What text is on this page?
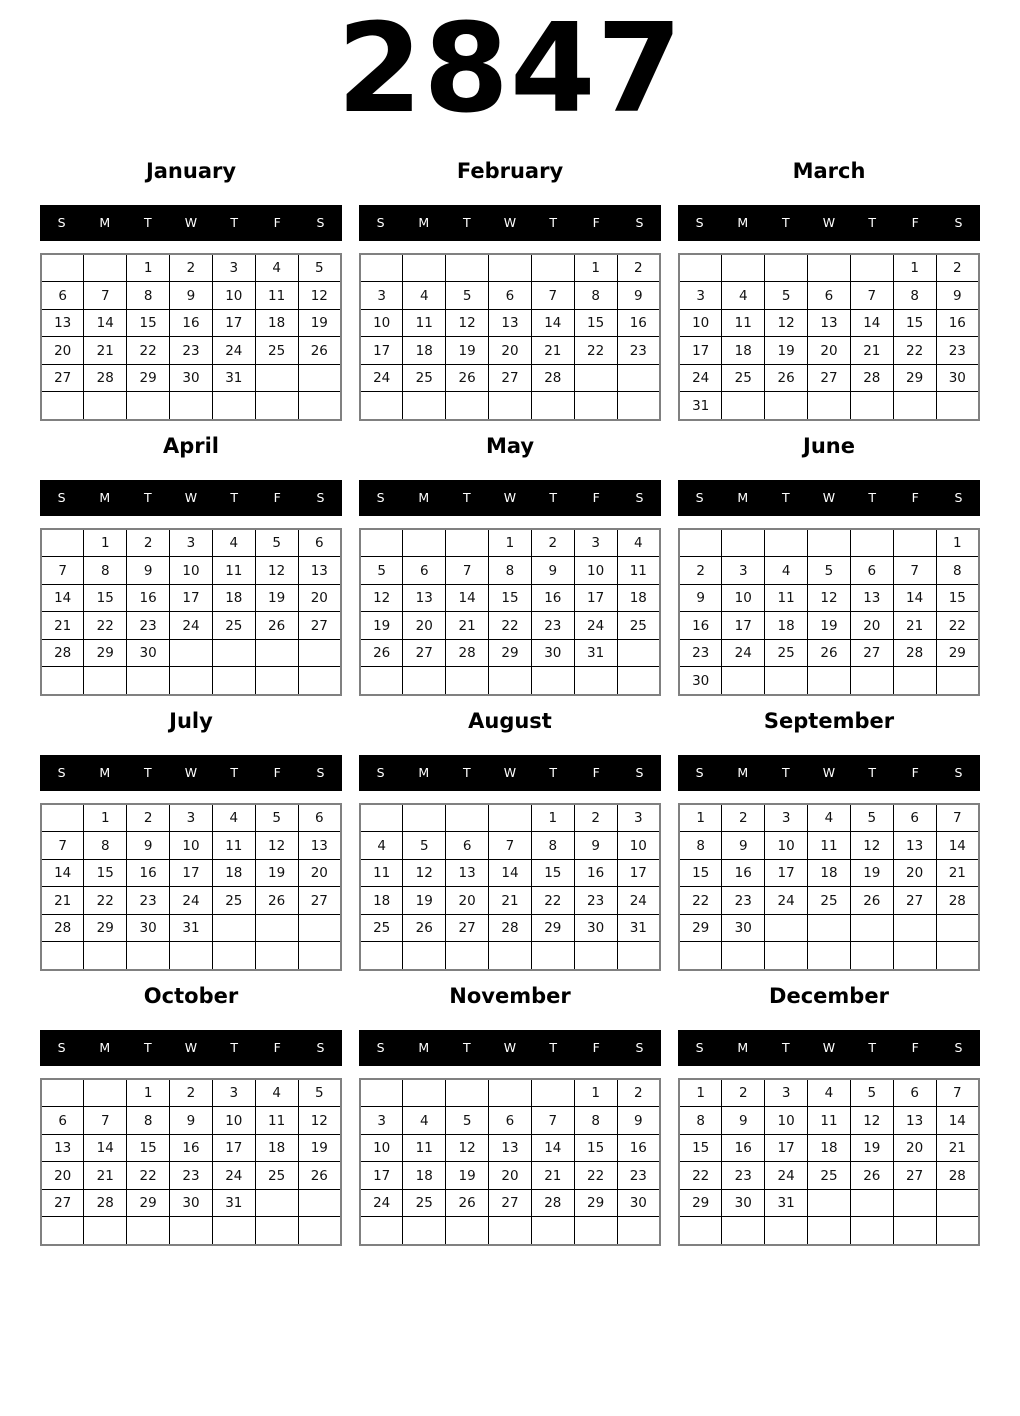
2847
January
S	M	T	W	T	F	S
		1	2	3	4	5
6	7	8	9	10	11	12
13	14	15	16	17	18	19
20	21	22	23	24	25	26
27	28	29	30	31		

February
S	M	T	W	T	F	S
					1	2
3	4	5	6	7	8	9
10	11	12	13	14	15	16
17	18	19	20	21	22	23
24	25	26	27	28		

March
S	M	T	W	T	F	S
					1	2
3	4	5	6	7	8	9
10	11	12	13	14	15	16
17	18	19	20	21	22	23
24	25	26	27	28	29	30
31						
April
S	M	T	W	T	F	S
	1	2	3	4	5	6
7	8	9	10	11	12	13
14	15	16	17	18	19	20
21	22	23	24	25	26	27
28	29	30				

May
S	M	T	W	T	F	S
			1	2	3	4
5	6	7	8	9	10	11
12	13	14	15	16	17	18
19	20	21	22	23	24	25
26	27	28	29	30	31	

June
S	M	T	W	T	F	S
						1
2	3	4	5	6	7	8
9	10	11	12	13	14	15
16	17	18	19	20	21	22
23	24	25	26	27	28	29
30						
July
S	M	T	W	T	F	S
	1	2	3	4	5	6
7	8	9	10	11	12	13
14	15	16	17	18	19	20
21	22	23	24	25	26	27
28	29	30	31			

August
S	M	T	W	T	F	S
				1	2	3
4	5	6	7	8	9	10
11	12	13	14	15	16	17
18	19	20	21	22	23	24
25	26	27	28	29	30	31

September
S	M	T	W	T	F	S
1	2	3	4	5	6	7
8	9	10	11	12	13	14
15	16	17	18	19	20	21
22	23	24	25	26	27	28
29	30					

October
S	M	T	W	T	F	S
		1	2	3	4	5
6	7	8	9	10	11	12
13	14	15	16	17	18	19
20	21	22	23	24	25	26
27	28	29	30	31		

November
S	M	T	W	T	F	S
					1	2
3	4	5	6	7	8	9
10	11	12	13	14	15	16
17	18	19	20	21	22	23
24	25	26	27	28	29	30

December
S	M	T	W	T	F	S
1	2	3	4	5	6	7
8	9	10	11	12	13	14
15	16	17	18	19	20	21
22	23	24	25	26	27	28
29	30	31				
